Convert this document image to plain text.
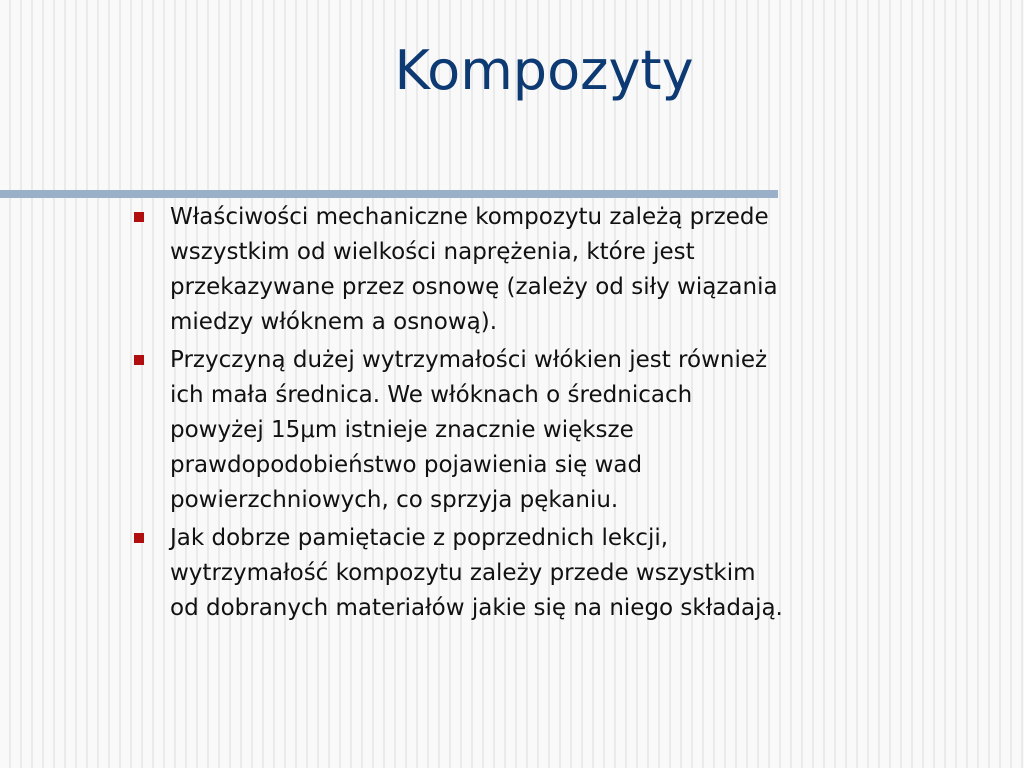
Kompozyty
Właściwości mechaniczne kompozytu zależą przede
wszystkim od wielkości naprężenia, które jest
przekazywane przez osnowę (zależy od siły wiązania
miedzy włóknem a osnową).
Przyczyną dużej wytrzymałości włókien jest również
ich mała średnica. We włóknach o średnicach
powyżej 15μm istnieje znacznie większe
prawdopodobieństwo pojawienia się wad
powierzchniowych, co sprzyja pękaniu.
Jak dobrze pamiętacie z poprzednich lekcji,
wytrzymałość kompozytu zależy przede wszystkim
od dobranych materiałów jakie się na niego składają.
